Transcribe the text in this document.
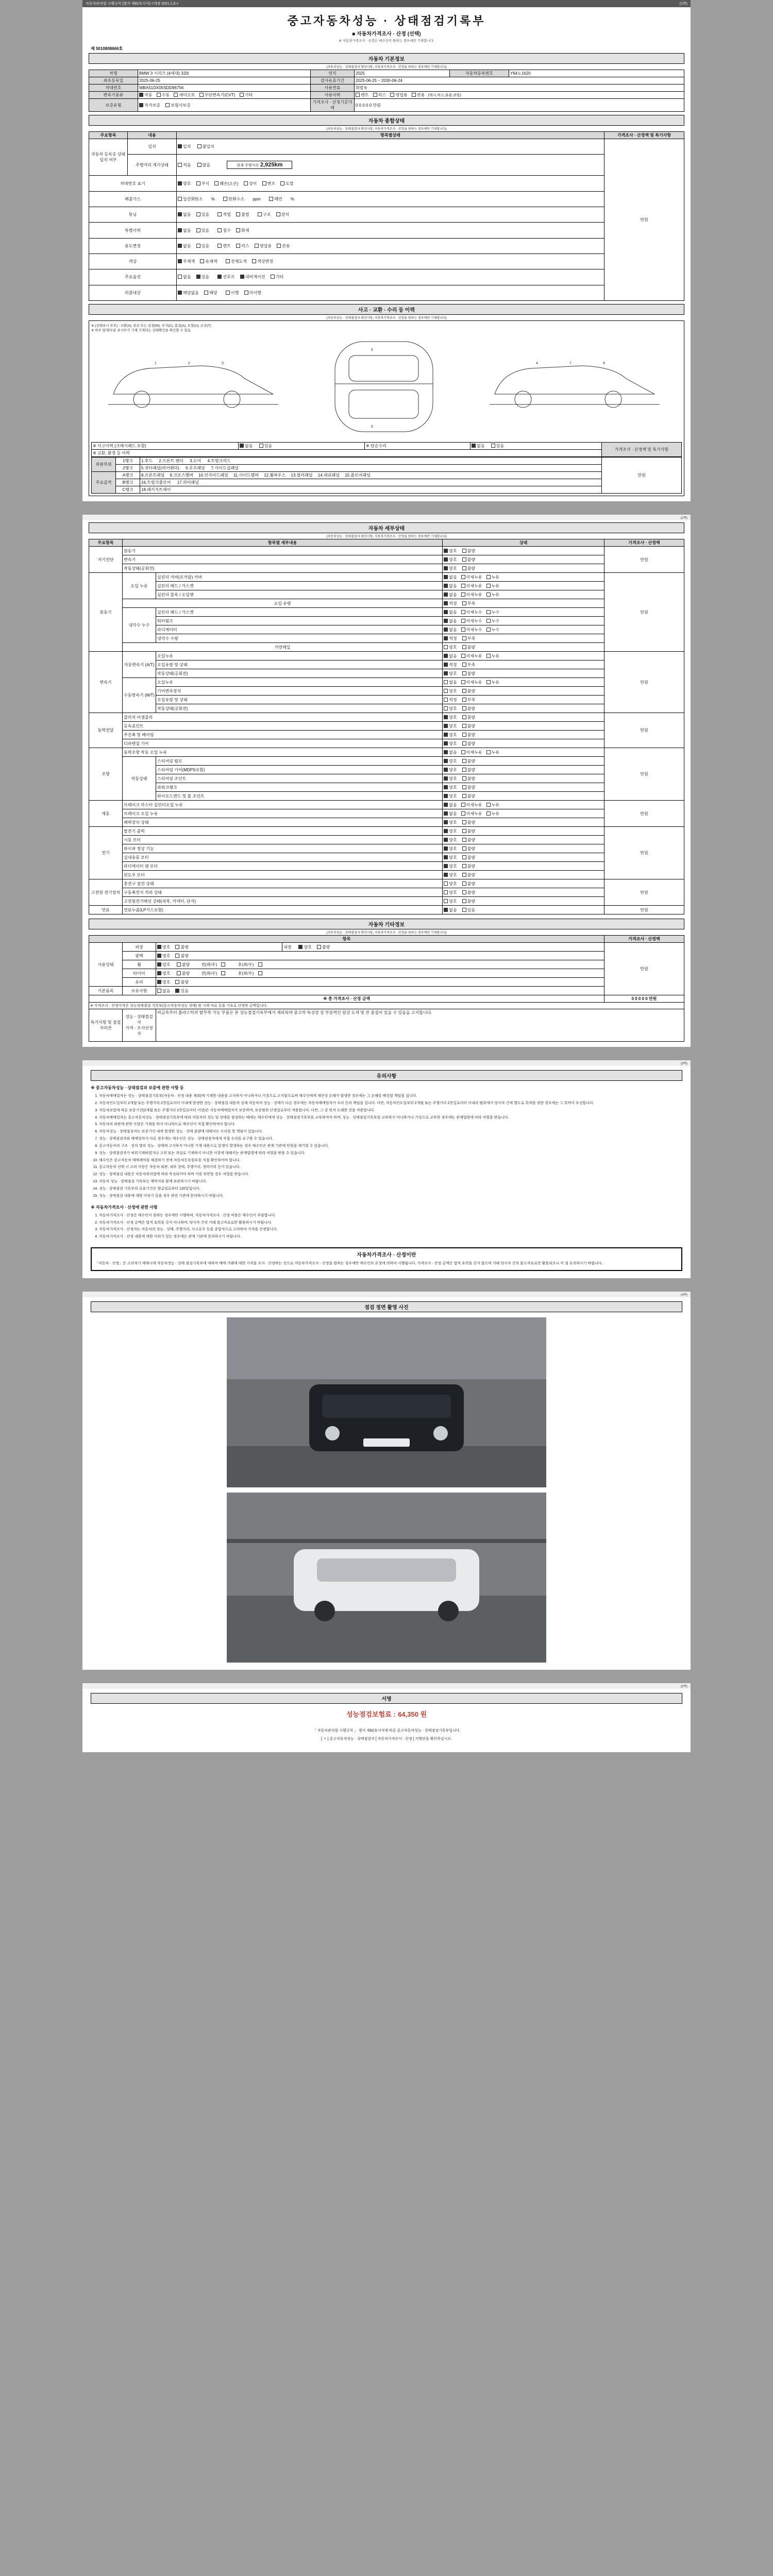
자동차관리법 시행규칙 [별지 제82호서식] <개정 2021.1.5.>	(1쪽)
중고자동차성능 · 상태점검기록부
■ 자동차가격조사 · 산정 (선택)
※ 자동차가격조사 · 산정은 매수인이 원하는 경우에만 기재합니다.
제 5010808666호
자동차 기본정보
(자동차성능 · 상태점검자 확인사항, 자동차가격조사 · 산정을 원하는 경우에만 기재합니다)
차명	BMW 3 시리즈 (4세대) 320i	연식	2025	자동차등록번호	Y64노1620
최초등록일	2025-06-25	검사유효기간	2025-06-25 ~ 2030-06-24		
차대번호	WBA51DX05SDD96756	사용연료	휘발유		
변속기종류	자동 수동 세미오토 무단변속기(CVT) 기타	사용이력	렌트 리스 영업용 관용 (택시,버스,화물,관용)		
보증유형	자가보증 보험사보증	가격조사 · 산정기준가액	0 0 0 0 0 만원		
자동차 종합상태
(자동차성능 · 상태점검자 확인사항, 자동차가격조사 · 산정을 원하는 경우에만 기재합니다)
주요항목	내용	항목별상태	가격조사 · 산정액 및 특기사항
자동차 등록증 상태 일치 여부	일치	일치 불일치	만원

	주행거리 계기상태	적음 많음 현재 주행거리 2,925km	
차대번호 표기		양호 부식 훼손(오손) 상이 변조 도말	
배출가스		일산화탄소 % 탄화수소 ppm 매연 %	
튜닝		없음 있음 적법 불법 구조 장치	
특별이력		없음 있음 침수 화재	
용도변경		없음 있음 렌트 리스 영업용 관용	
색상		무채색 유채색 전체도색 색상변경	
주요옵션		없음 있음 선루프 내비게이션 기타	
리콜대상		해당없음 해당 이행 미이행	
사고 · 교환 · 수리 등 이력
(자동차성능 · 상태점검자 확인사항, 자동차가격조사 · 산정을 원하는 경우에만 기재합니다)
※ (상태표시 부호) : 교환(X), 판금 또는 용접(W), 부식(C), 흠집(A), 요철(U), 손상(T)
※ 하부 앞/뒷부분 표시부가 기재 기재되는 상태확인을 확인할 수 있음
1	2	3
5
6
4	7	8
※ 사고이력 (크래시패드 포함)	없음	있음	※ 단순수리	없음	있음	가격조사 · 산정액 및 특기사항
※ 교환, 환경 등 이력
외판부위	1랭크	1.후드 2.프론트 펜더 3.도어 4.트렁크리드	만원
	2랭크	5.쿼터패널(리어펜더) 6.루프패널 7.사이드실패널	
주요골격	A랭크	8.프론트패널 9.크로스멤버 10.인사이드패널 11.사이드멤버 12.휠하우스 13.필러패널 14.대쉬패널 15.플로어패널	
	B랭크	16.트렁크플로어 17.리어패널	
	C랭크	18.패키지트레이	
(2쪽)
자동차 세부상태
(자동차성능 · 상태점검자 확인사항, 자동차가격조사 · 산정을 원하는 경우에만 기재합니다)
주요항목	항목별 세부내용		상태	가격조사 · 산정액
자기진단	원동기		양호 불량	만원
	변속기		양호 불량	
	작동상태(공회전)		양호 불량	
원동기	오일 누유	실린더 커버(로커암) 커버	없음 미세누유 누유	만원
		실린더 헤드 / 가스켓	없음 미세누유 누유	
		실린더 블록 / 오일팬	없음 미세누유 누유	
	오일 유량		적정 부족	
	냉각수 누수	실린더 헤드 / 가스켓	없음 미세누수 누수	
		워터펌프	없음 미세누수 누수	
		라디에이터	없음 미세누수 누수	
		냉각수 수량	적정 부족	
	커먼레일		양호 불량	
변속기	자동변속기 (A/T)	오일누유	없음 미세누유 누유	만원
		오일유량 및 상태	적정 부족	
		작동상태(공회전)	양호 불량	
	수동변속기 (M/T)	오일누유	없음 미세누유 누유	
		기어변속장치	양호 불량	
		오일유량 및 상태	적정 부족	
		작동상태(공회전)	양호 불량	
동력전달	클러치 어셈블리		양호 불량	만원
	등속죠인트		양호 불량	
	추진축 및 베어링		양호 불량	
	디퍼렌셜 기어		양호 불량	
조향	동력조향 작동 오일 누유		없음 미세누유 누유	만원
	작동상태	스티어링 펌프	양호 불량	
		스티어링 기어(MDPS포함)	양호 불량	
		스티어링 조인트	양호 불량	
		파워크랭크	양호 불량	
		타이로드엔드 및 볼 조인트	양호 불량	
제동	브레이크 마스터 실린더오일 누유		없음 미세누유 누유	만원
	브레이크 오일 누유		없음 미세누유 누유	
	배력장치 상태		양호 불량	
전기	발전기 출력		양호 불량	만원
	시동 모터		양호 불량	
	와이퍼 정상 기능		양호 불량	
	실내송풍 모터		양호 불량	
	라디에이터 팬 모터		양호 불량	
	윈도우 모터		양호 불량	
고전원 전기장치	충전구 절연 상태		양호 불량	만원
	구동축전지 격리 상태		양호 불량	
	고전원전기배선 상태(피복, 커넥터, 단자)		양호 불량	
연료	연료누출(LP가스포함)		없음 있음	만원
자동차 기타정보
(자동차성능 · 상태점검자 확인사항, 자동차가격조사 · 산정을 원하는 경우에만 기재합니다)
항목				가격조사 · 산정액
사용상태	외장	양호 불량	내장 양호 불량	만원
	광택	양호 불량		
	휠	양호 불량 전(좌/우) 후(좌/우)		
	타이어	양호 불량 전(좌/우) 후(좌/우)		
	유리	양호 불량		
기본품목	보유사항	없음 있음		
※ 총 가격조사 · 산정 금액				0 0 0 0 0 만원
※ 가격조사 · 산정가격은 성능상태점검 기록부(중고자동차성능 상태) 및 시세 자료 등을 기초로 산정한 금액입니다.				
특기사항 및 점검자의견	성능 · 상태점검자
가격 · 조사산정자	비금속부터 플라스틱의 탈부착 가능 부품은 본 성능점검기록부에서 제외되며 중고차 특성상 상 부분적인 원상 도색 및 잔 흠집이 있을 수 있음을 고지합니다.		
(3쪽)
유의사항
※ 중고자동차성능 · 상태점검과 보증에 관한 사항 등
1. 자동차매매업자는 성능 · 상태점검기록부(자동차 · 산정 내용 제외)에 기재한 내용을 고지하지 아니하거나 거짓으로 고지함으로써 매수인에게 재산상 손해가 발생한 경우에는 그 손해를 배상할 책임을 집니다.
2. 자동차인도일부터 2개월 또는 주행거리 2천킬로미터 이내에 발생한 성능 · 상태점검 내용과 실제 자동차의 성능 · 상태가 다른 경우에는 자동차매매업자가 수리 등의 책임을 집니다. 다만, 자동차인도일부터 2개월 또는 주행거리 2천킬로미터 이내의 범위에서 당사자 간에 별도로 특약을 정한 경우에는 그 특약이 우선합니다.
3. 자동차보험에 따른 보증기간(2개월 또는 주행거리 2천킬로미터 이상)은 자동차매매업자가 보증하며, 보증범위 산정일로부터 적용합니다. 다만, 그 중 먼저 도래한 것을 적용합니다.
4. 자동차매매업자는 중고자동차성능 · 상태점검기록부에 따라 자동차의 성능 및 상태를 점검하는 때에는 매수인에게 성능 · 상태점검기록부를 교부하여야 하며, 성능 · 상태점검기록부를 교부하지 아니하거나 거짓으로 교부한 경우에는 관계법령에 따라 처벌을 받습니다.
5. 자동차의 외관에 관한 사항은 기재를 하지 아니하므로 매수인이 직접 확인하여야 합니다.
6. 자동차성능 · 상태점검자는 보증기간 내에 발생한 성능 · 상태 불량에 대해서는 수리를 할 책임이 있습니다.
7. 성능 · 상태점검자와 매매업자가 다른 경우에는 매수인은 성능 · 상태점검자에게 직접 수리를 요구할 수 있습니다.
8. 중고자동차의 구조 · 장치 별의 성능 · 상태에 고지하지 아니한 기재 내용으로 분쟁이 발생하는 경우 매수인은 관계 기관에 민원을 제기할 수 있습니다.
9. 성능 · 상태점검자가 허위기재하였거나 고의 또는 과실로 기재하지 아니한 사항에 대해서는 관계법령에 따라 처벌을 받을 수 있습니다.
10. 매수인은 중고자동차 매매계약을 체결하기 전에 자동차등록원부를 직접 확인하여야 합니다.
11. 중고자동차 선택 시 고려 사항은 자동차 외관, 내부 상태, 주행거리, 정비이력 등이 있습니다.
12. 성능 · 상태점검 내용은 자동차관리법에 따라 작성되어야 하며 이를 위반할 경우 처벌을 받습니다.
13. 자동차 성능 · 상태점검 기록부는 계약서와 함께 보관하시기 바랍니다.
14. 성능 · 상태점검 기록부의 유효기간은 발급일로부터 120일입니다.
15. 성능 · 상태점검 내용에 대한 이의가 있을 경우 관련 기관에 문의하시기 바랍니다.
※ 자동차가격조사 · 산정에 관한 사항
1. 자동차가격조사 · 산정은 매수인이 원하는 경우에만 시행하며, 자동차가격조사 · 산정 비용은 매수인이 부담합니다.
2. 자동차가격조사 · 산정 금액은 법적 효력을 갖지 아니하며, 당사자 간의 거래 참고자료로만 활용하시기 바랍니다.
3. 자동차가격조사 · 산정자는 자동차의 성능 · 상태, 주행거리, 사고유무 등을 종합적으로 고려하여 가격을 산정합니다.
4. 자동차가격조사 · 산정 내용에 대한 이의가 있는 경우에는 관계 기관에 문의하시기 바랍니다.
자동차가격조사 · 산정이란
「자동차 · 산정」은 고의적기 매매시에 자동차성능 · 상태 점검기록부에 대하여 매매 거래에 대한 가격을 조사 · 산정하는 것으로 자동차가격조사 · 산정을 원하는 경우에만 매수인의 요청에 의하여 시행됩니다. 가격조사 · 산정 금액은 법적 효력을 갖지 않으며 거래 당사자 간의 참고자료로만 활용되오니 이 점 유의하시기 바랍니다.
(4쪽)
점검 정면 촬영 사진
(5쪽)
서명
성능점검보험료 : 64,350 원
「 자동차관리법 시행규칙 」 별지 제82호서식에 따른 중고자동차성능 · 상태점검기록부입니다.
[ ㅈ ] 중고자동차성능 · 상태점검자 [ 자동차가격조사 · 산정 ] 서명란을 확인하십시오.
